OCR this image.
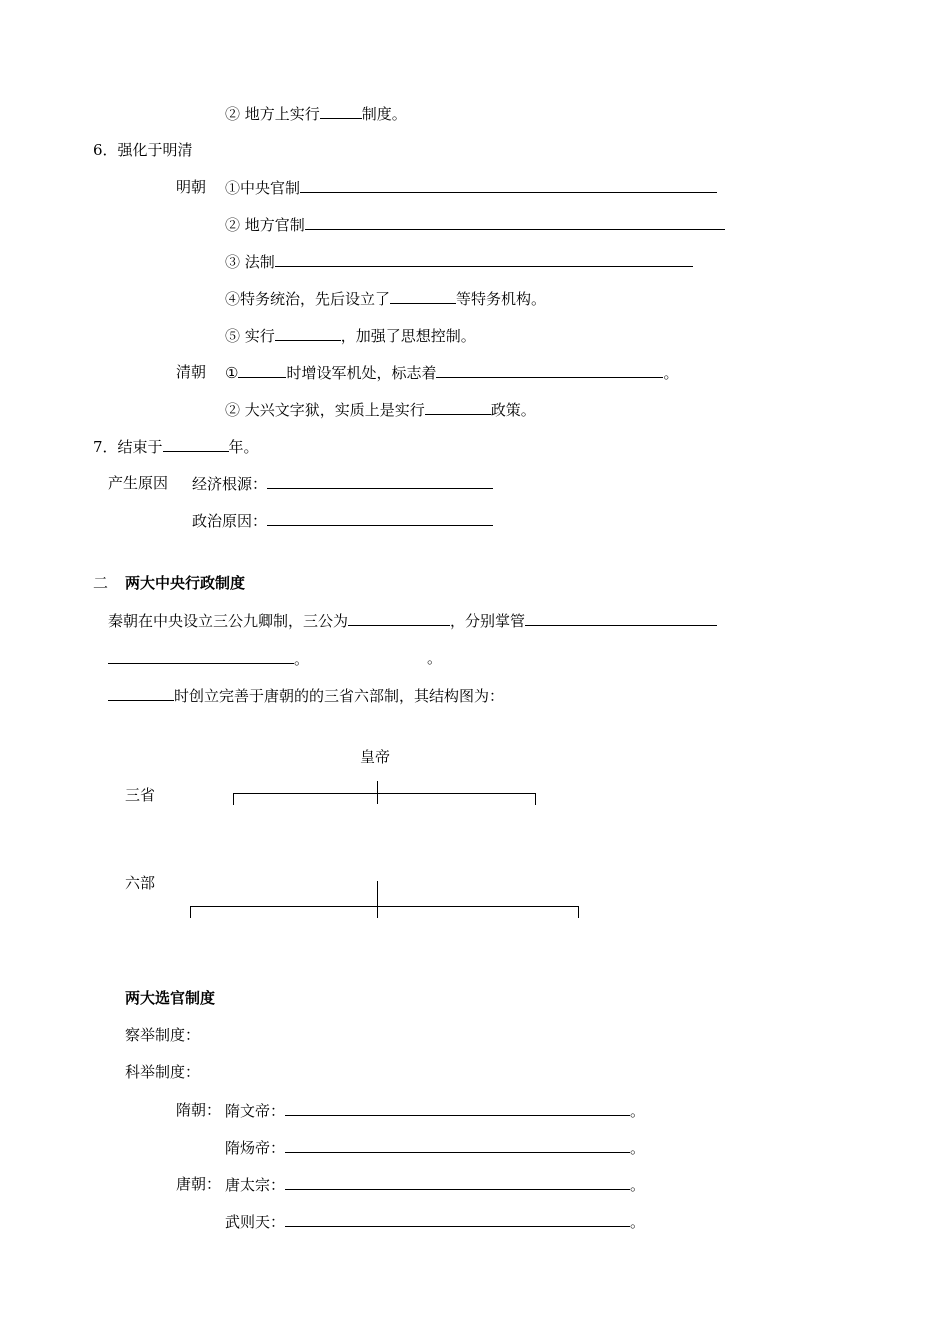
② 地方上实行	制度。
6．强化于明清
明朝 ①中央官制
② 地方官制
③ 法制
④特务统治，先后设立了	等特务机构。
⑤ 实行	，加强了思想控制。
清朝 ①	时增设军机处，标志着	。
② 大兴文字狱，实质上是实行	政策。
7．结束于	年。
产生原因 经济根源：
政治原因：
二 两大中央行政制度
秦朝在中央设立三公九卿制，三公为	，分别掌管
。	。
时创立完善于唐朝的的三省六部制，其结构图为：
皇帝
三省
六部
两大选官制度
察举制度：
科举制度：
隋朝： 隋文帝：	。
隋炀帝：	。
唐朝： 唐太宗：	。
武则天：	。
